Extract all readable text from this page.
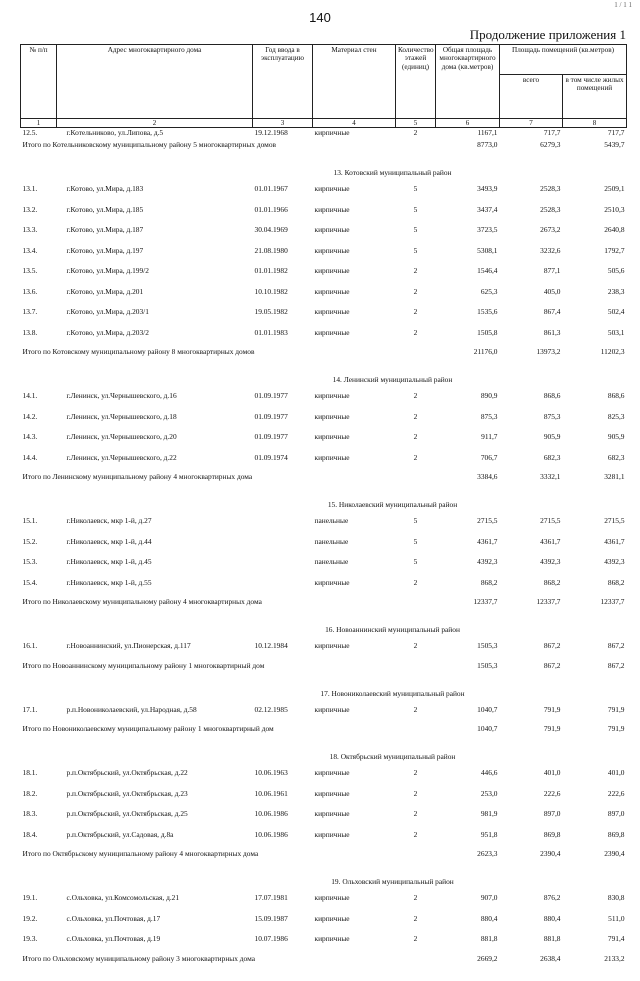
140
1 / 1 1
Продолжение приложения 1
№ п/п	Адрес многоквартирного дома	Год ввода в эксплуатацию	Материал стен	Количество этажей (единиц)	Общая площадь многоквартирного дома (кв.метров)	Площадь помещений (кв.метров)	
						всего	в том числе жилых помещений
1	2	3	4	5	6	7	8
12.5.	г.Котельниково, ул.Липова, д.5	19.12.1968	кирпичные	2	1167,1	717,7	717,7
Итого по Котельниковскому муниципальному району 5 многоквартирных домов					8773,0	6279,3	5439,7
13. Котовский муниципальный район							
13.1.	г.Котово, ул.Мира, д.183	01.01.1967	кирпичные	5	3493,9	2528,3	2509,1
13.2.	г.Котово, ул.Мира, д.185	01.01.1966	кирпичные	5	3437,4	2528,3	2510,3
13.3.	г.Котово, ул.Мира, д.187	30.04.1969	кирпичные	5	3723,5	2673,2	2640,8
13.4.	г.Котово, ул.Мира, д.197	21.08.1980	кирпичные	5	5308,1	3232,6	1792,7
13.5.	г.Котово, ул.Мира, д.199/2	01.01.1982	кирпичные	2	1546,4	877,1	505,6
13.6.	г.Котово, ул.Мира, д.201	10.10.1982	кирпичные	2	625,3	405,0	238,3
13.7.	г.Котово, ул.Мира, д.203/1	19.05.1982	кирпичные	2	1535,6	867,4	502,4
13.8.	г.Котово, ул.Мира, д.203/2	01.01.1983	кирпичные	2	1505,8	861,3	503,1
Итого по Котовскому муниципальному району 8 многоквартирных домов					21176,0	13973,2	11202,3
14. Ленинский муниципальный район							
14.1.	г.Ленинск, ул.Чернышевского, д.16	01.09.1977	кирпичные	2	890,9	868,6	868,6
14.2.	г.Ленинск, ул.Чернышевского, д.18	01.09.1977	кирпичные	2	875,3	875,3	825,3
14.3.	г.Ленинск, ул.Чернышевского, д.20	01.09.1977	кирпичные	2	911,7	905,9	905,9
14.4.	г.Ленинск, ул.Чернышевского, д.22	01.09.1974	кирпичные	2	706,7	682,3	682,3
Итого по Ленинскому муниципальному району 4 многоквартирных дома					3384,6	3332,1	3281,1
15. Николаевский муниципальный район							
15.1.	г.Николаевск, мкр 1-й, д.27		панельные	5	2715,5	2715,5	2715,5
15.2.	г.Николаевск, мкр 1-й, д.44		панельные	5	4361,7	4361,7	4361,7
15.3.	г.Николаевск, мкр 1-й, д.45		панельные	5	4392,3	4392,3	4392,3
15.4.	г.Николаевск, мкр 1-й, д.55		кирпичные	2	868,2	868,2	868,2
Итого по Николаевскому муниципальному району 4 многоквартирных дома					12337,7	12337,7	12337,7
16. Новоаннинский муниципальный район							
16.1.	г.Новоаннинский, ул.Пионерская, д.117	10.12.1984	кирпичные	2	1505,3	867,2	867,2
Итого по Новоаннинскому муниципальному району 1 многоквартирный дом					1505,3	867,2	867,2
17. Новониколаевский муниципальный район							
17.1.	р.п.Новониколаевский, ул.Народная, д.58	02.12.1985	кирпичные	2	1040,7	791,9	791,9
Итого по Новониколаевскому муниципальному району 1 многоквартирный дом					1040,7	791,9	791,9
18. Октябрьский муниципальный район							
18.1.	р.п.Октябрьский, ул.Октябрьская, д.22	10.06.1963	кирпичные	2	446,6	401,0	401,0
18.2.	р.п.Октябрьский, ул.Октябрьская, д.23	10.06.1961	кирпичные	2	253,0	222,6	222,6
18.3.	р.п.Октябрьский, ул.Октябрьская, д.25	10.06.1986	кирпичные	2	981,9	897,0	897,0
18.4.	р.п.Октябрьский, ул.Садовая, д.8а	10.06.1986	кирпичные	2	951,8	869,8	869,8
Итого по Октябрьскому муниципальному району 4 многоквартирных дома					2623,3	2390,4	2390,4
19. Ольховский муниципальный район							
19.1.	с.Ольховка, ул.Комсомольская, д.21	17.07.1981	кирпичные	2	907,0	876,2	830,8
19.2.	с.Ольховка, ул.Почтовая, д.17	15.09.1987	кирпичные	2	880,4	880,4	511,0
19.3.	с.Ольховка, ул.Почтовая, д.19	10.07.1986	кирпичные	2	881,8	881,8	791,4
Итого по Ольховскому муниципальному району 3 многоквартирных дома					2669,2	2638,4	2133,2
